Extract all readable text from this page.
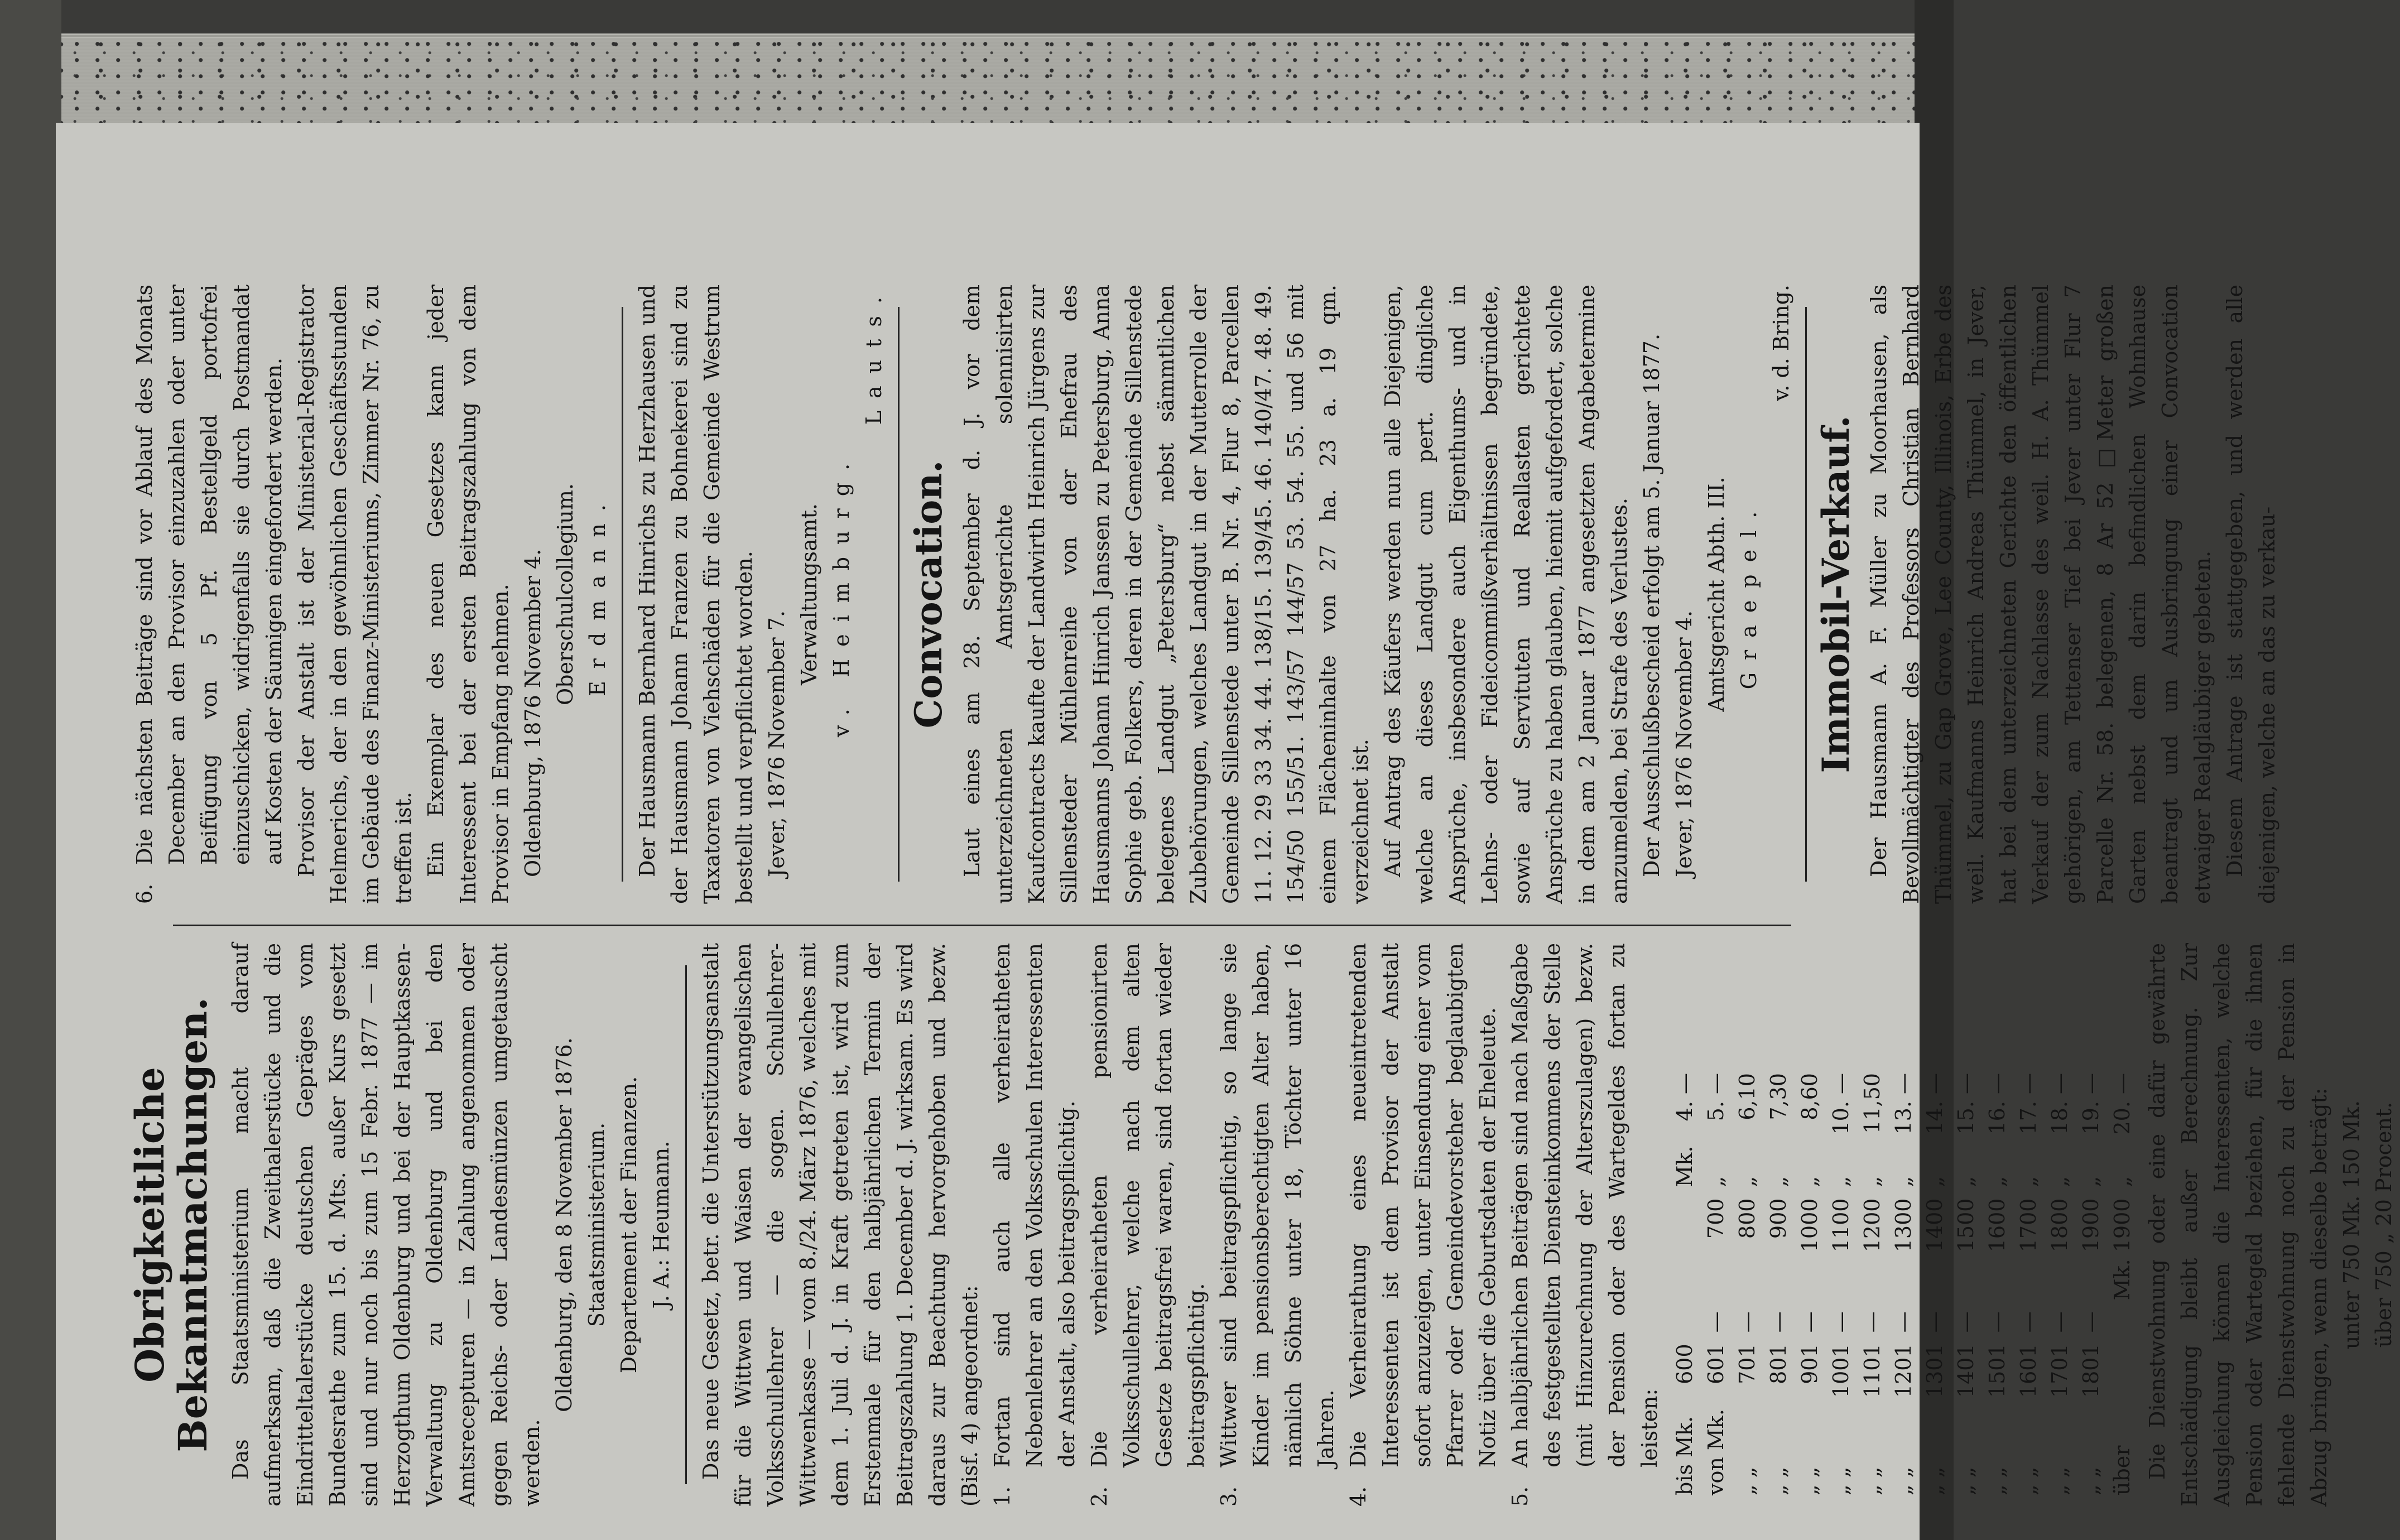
Obrigkeitliche Bekanntmachungen. Das Staatsministerium macht darauf aufmerksam, daß die Zweithalerstücke und die Eindritteltalerstücke deutschen Gepräges vom Bundesrathe zum 15. d. Mts. außer Kurs gesetzt sind und nur noch bis zum 15 Febr. 1877 — im Herzogthum Oldenburg und bei der Hauptkassen-Verwaltung zu Oldenburg und bei den Amtsrecepturen — in Zahlung angenommen oder gegen Reichs- oder Landesmünzen umgetauscht werden.

Oldenburg, den 8 November 1876. Staatsministerium. Departement der Finanzen. J. A.: Heumann. Das neue Gesetz, betr. die Unterstützungsanstalt für die Wittwen und Waisen der evangelischen Volksschullehrer — die sogen. Schullehrer-Wittwenkasse — vom 8./24. März 1876, welches mit dem 1. Juli d. J. in Kraft getreten ist, wird zum Erstenmale für den halbjährlichen Termin der Beitragszahlung 1. December d. J. wirksam. Es wird daraus zur Beachtung hervorgehoben und bezw. (Bisf. 4) angeordnet: 1.
Fortan sind auch alle verheiratheten Nebenlehrer an den Volksschulen Interessenten der Anstalt, also beitragspflichtig.
2.
Die verheiratheten pensionirten Volksschullehrer, welche nach dem alten Gesetze beitragsfrei waren, sind fortan wieder beitragspflichtig.
3.
Wittwer sind beitragspflichtig, so lange sie Kinder im pensionsberechtigten Alter haben, nämlich Söhne unter 18, Töchter unter 16 Jahren.
4.
Die Verheirathung eines neueintretenden Interessenten ist dem Provisor der Anstalt sofort anzuzeigen, unter Einsendung einer vom Pfarrer oder Gemeindevorsteher beglaubigten Notiz über die Geburtsdaten der Eheleute.
5.
An halbjährlichen Beiträgen sind nach Maßgabe des festgestellten Diensteinkommens der Stelle (mit Hinzurechnung der Alterszulagen) bezw. der Pension oder des Wartegeldes fortan zu leisten: bis Mk.	600			Mk.	4. —
von Mk.	601	—	700	„	5. —
„ „	701	—	800	„	6,10
„ „	801	—	900	„	7,30
„ „	901	—	1000	„	8,60
„ „	1001	—	1100	„	10. —
„ „	1101	—	1200	„	11,50
„ „	1201	—	1300	„	13. —
„ „	1301	—	1400	„	14. —
„ „	1401	—	1500	„	15. —
„ „	1501	—	1600	„	16. —
„ „	1601	—	1700	„	17. —
„ „	1701	—	1800	„	18. —
„ „	1801	—	1900	„	19. —
über			Mk. 1900	„	20. — Die Dienstwohnung oder eine dafür gewährte Entschädigung bleibt außer Berechnung. Zur Ausgleichung können die Interessenten, welche Pension oder Wartegeld beziehen, für die ihnen fehlende Dienstwohnung noch zu der Pension in Abzug bringen, wenn dieselbe beträgt: unter 750 Mk. 150 Mk. über 750 „ 20 Procent.

6.
Die nächsten Beiträge sind vor Ablauf des Monats December an den Provisor einzuzahlen oder unter Beifügung von 5 Pf. Bestellgeld portofrei einzuschicken, widrigenfalls sie durch Postmandat auf Kosten der Säumigen eingefordert werden. Provisor der Anstalt ist der Ministerial-Registrator Helmerichs, der in den gewöhnlichen Geschäftsstunden im Gebäude des Finanz-Ministeriums, Zimmer Nr. 76, zu treffen ist. Ein Exemplar des neuen Gesetzes kann jeder Interessent bei der ersten Beitragszahlung von dem Provisor in Empfang nehmen. Oldenburg, 1876 November 4. Oberschulcollegium. Erdmann. Der Hausmann Bernhard Hinrichs zu Herzhausen und der Hausmann Johann Franzen zu Bohnekerei sind zu Taxatoren von Viehschäden für die Gemeinde Westrum bestellt und verpflichtet worden. Jever, 1876 November 7.

Verwaltungsamt. v. Heimburg.

Lauts.

Convocation. Laut eines am 28. September d. J. vor dem unterzeichneten Amtsgerichte solennisirten Kaufcontracts kaufte der Landwirth Heinrich Jürgens zur Sillensteder Mühlenreihe von der Ehefrau des Hausmanns Johann Hinrich Janssen zu Petersburg, Anna Sophie geb. Folkers, deren in der Gemeinde Sillenstede belegenes Landgut „Petersburg“ nebst sämmtlichen Zubehörungen, welches Landgut in der Mutterrolle der Gemeinde Sillenstede unter B. Nr. 4, Flur 8, Parcellen 11. 12. 29 33 34. 44. 138/15. 139/45. 46. 140/47. 48. 49. 154/50 155/51. 143/57 144/57 53. 54. 55. und 56 mit einem Flächeninhalte von 27 ha. 23 a. 19 qm. verzeichnet ist. Auf Antrag des Käufers werden nun alle Diejenigen, welche an dieses Landgut cum pert. dingliche Ansprüche, insbesondere auch Eigenthums- und in Lehns- oder Fideicommißverhältnissen begründete, sowie auf Servituten und Reallasten gerichtete Ansprüche zu haben glauben, hiemit aufgefordert, solche in dem am 2 Januar 1877 angesetzten Angabetermine anzumelden, bei Strafe des Verlustes. Der Ausschlußbescheid erfolgt am 5. Januar 1877. Jever, 1876 November 4.

Amtsgericht Abth. III. Graepel.

v. d. Bring.

Immobil-Verkauf. Der Hausmann A. F. Müller zu Moorhausen, als Bevollmächtigter des Professors Christian Bernhard Thümmel, zu Gap Grove, Lee County, Illinois, Erbe des weil. Kaufmanns Heinrich Andreas Thümmel, in Jever, hat bei dem unterzeichneten Gerichte den öffentlichen Verkauf der zum Nachlasse des weil. H. A. Thümmel gehörigen, am Tettenser Tief bei Jever unter Flur 7 Parcelle Nr. 58. belegenen, 8 Ar 52 □Meter großen Garten nebst dem darin befindlichen Wohnhause beantragt und um Ausbringung einer Convocation etwaiger Realgläubiger gebeten. Diesem Antrage ist stattgegeben, und werden alle diejenigen, welche an das zu verkau-
